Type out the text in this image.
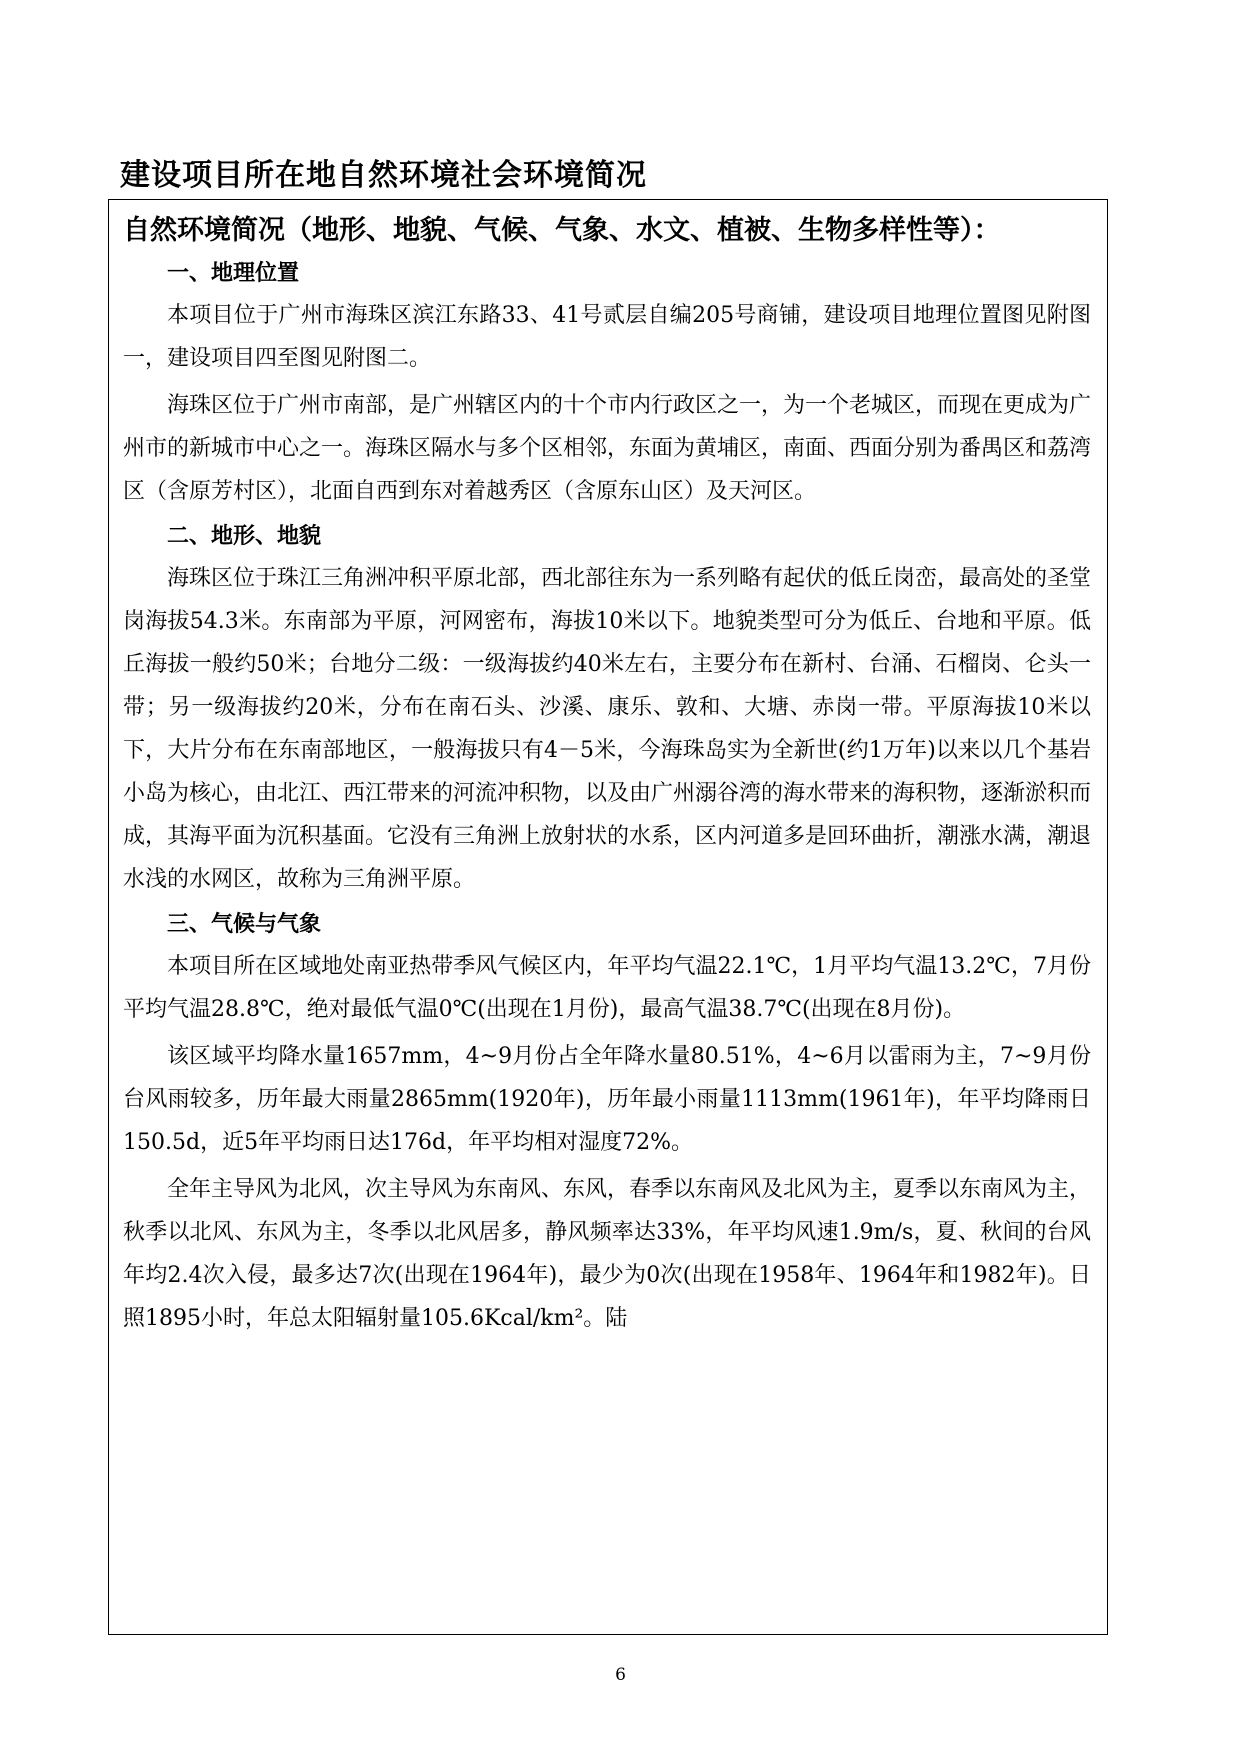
建设项目所在地自然环境社会环境简况
自然环境简况（地形、地貌、气候、气象、水文、植被、生物多样性等）：

一、地理位置

本项目位于广州市海珠区滨江东路33、41号贰层自编205号商铺，建设项目地理位置图见附图一，建设项目四至图见附图二。

海珠区位于广州市南部，是广州辖区内的十个市内行政区之一，为一个老城区，而现在更成为广州市的新城市中心之一。海珠区隔水与多个区相邻，东面为黄埔区，南面、西面分别为番禺区和荔湾区（含原芳村区），北面自西到东对着越秀区（含原东山区）及天河区。

二、地形、地貌

海珠区位于珠江三角洲冲积平原北部，西北部往东为一系列略有起伏的低丘岗峦，最高处的圣堂岗海拔54.3米。东南部为平原，河网密布，海拔10米以下。地貌类型可分为低丘、台地和平原。低丘海拔一般约50米；台地分二级：一级海拔约40米左右，主要分布在新村、台涌、石榴岗、仑头一带；另一级海拔约20米，分布在南石头、沙溪、康乐、敦和、大塘、赤岗一带。平原海拔10米以下，大片分布在东南部地区，一般海拔只有4－5米，今海珠岛实为全新世(约1万年)以来以几个基岩小岛为核心，由北江、西江带来的河流冲积物，以及由广州溺谷湾的海水带来的海积物，逐渐淤积而成，其海平面为沉积基面。它没有三角洲上放射状的水系，区内河道多是回环曲折，潮涨水满，潮退水浅的水网区，故称为三角洲平原。

三、气候与气象

本项目所在区域地处南亚热带季风气候区内，年平均气温22.1℃，1月平均气温13.2℃，7月份平均气温28.8℃，绝对最低气温0℃(出现在1月份)，最高气温38.7℃(出现在8月份)。

该区域平均降水量1657mm，4~9月份占全年降水量80.51%，4~6月以雷雨为主，7~9月份台风雨较多，历年最大雨量2865mm(1920年)，历年最小雨量1113mm(1961年)，年平均降雨日150.5d，近5年平均雨日达176d，年平均相对湿度72%。

全年主导风为北风，次主导风为东南风、东风，春季以东南风及北风为主，夏季以东南风为主，秋季以北风、东风为主，冬季以北风居多，静风频率达33%，年平均风速1.9m/s，夏、秋间的台风年均2.4次入侵，最多达7次(出现在1964年)，最少为0次(出现在1958年、1964年和1982年)。日照1895小时，年总太阳辐射量105.6Kcal/km²。陆

6
